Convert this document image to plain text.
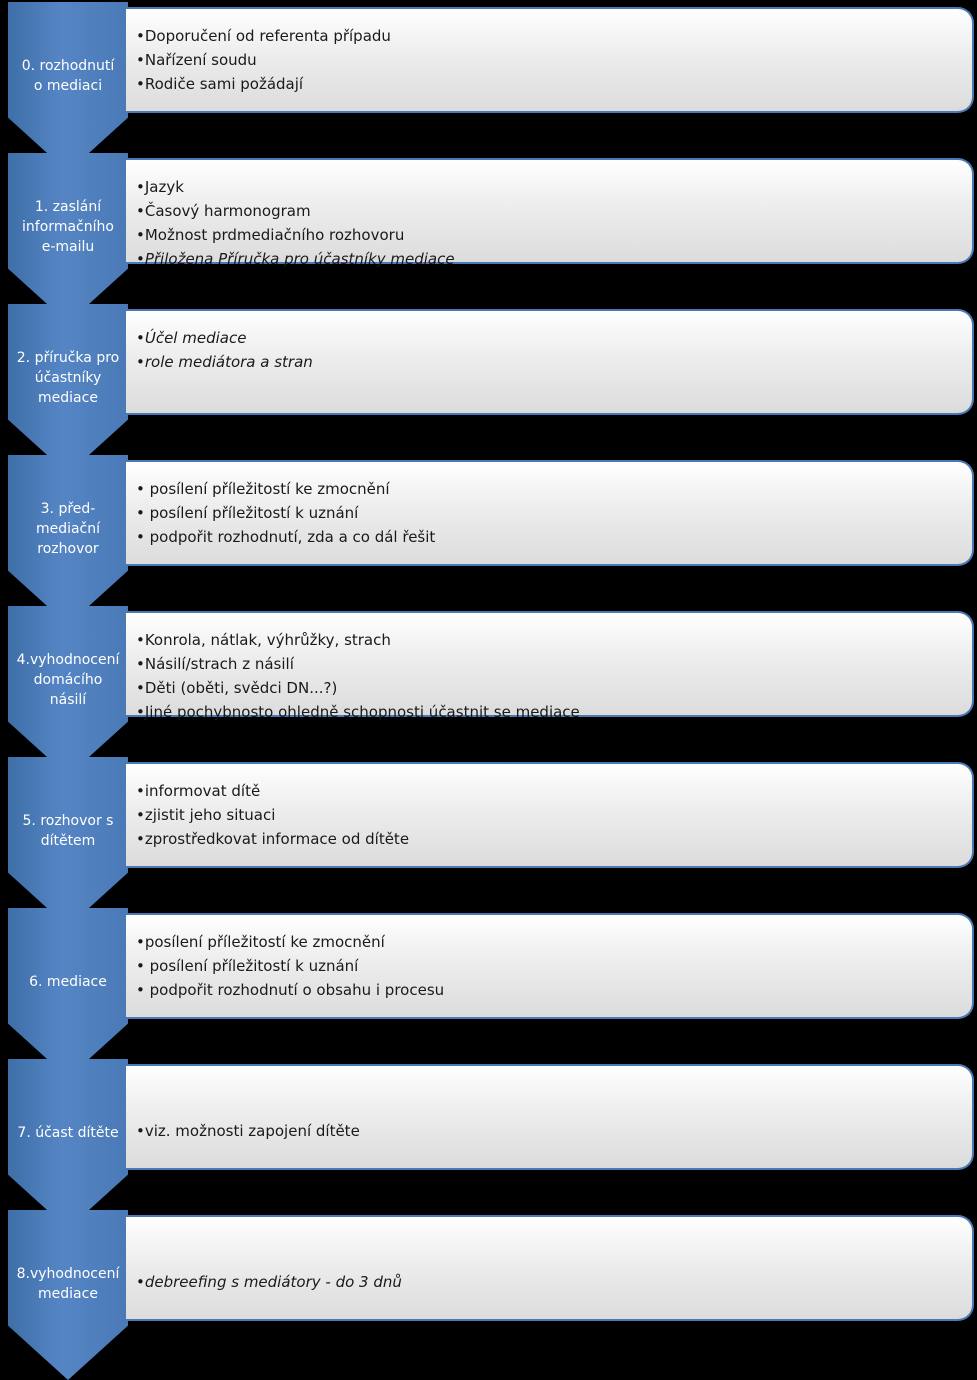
0. rozhodnutí
o mediaci
•Doporučení od referenta případu
•Nařízení soudu
•Rodiče sami požádají
1. zaslání
informačního
e-mailu
•Jazyk
•Časový harmonogram
•Možnost prdmediačního rozhovoru
•Přiložena Příručka pro účastníky mediace
2. příručka pro
účastníky
mediace
•Účel mediace
•role mediátora a stran
3. před-
mediační
rozhovor
• posílení příležitostí ke zmocnění
• posílení příležitostí k uznání
• podpořit rozhodnutí, zda a co dál řešit
4.vyhodnocení
domácího
násilí
•Konrola, nátlak, výhrůžky, strach
•Násilí/strach z násilí
•Děti (oběti, svědci DN...?)
•Jiné pochybnosto ohledně schopnosti účastnit se mediace
5. rozhovor s
dítětem
•informovat dítě
•zjistit jeho situaci
•zprostředkovat informace od dítěte
6. mediace
•posílení příležitostí ke zmocnění
• posílení příležitostí k uznání
• podpořit rozhodnutí o obsahu i procesu
7. účast dítěte	•viz. možnosti zapojení dítěte
8.vyhodnocení
mediace
•debreefing s mediátory - do 3 dnů
